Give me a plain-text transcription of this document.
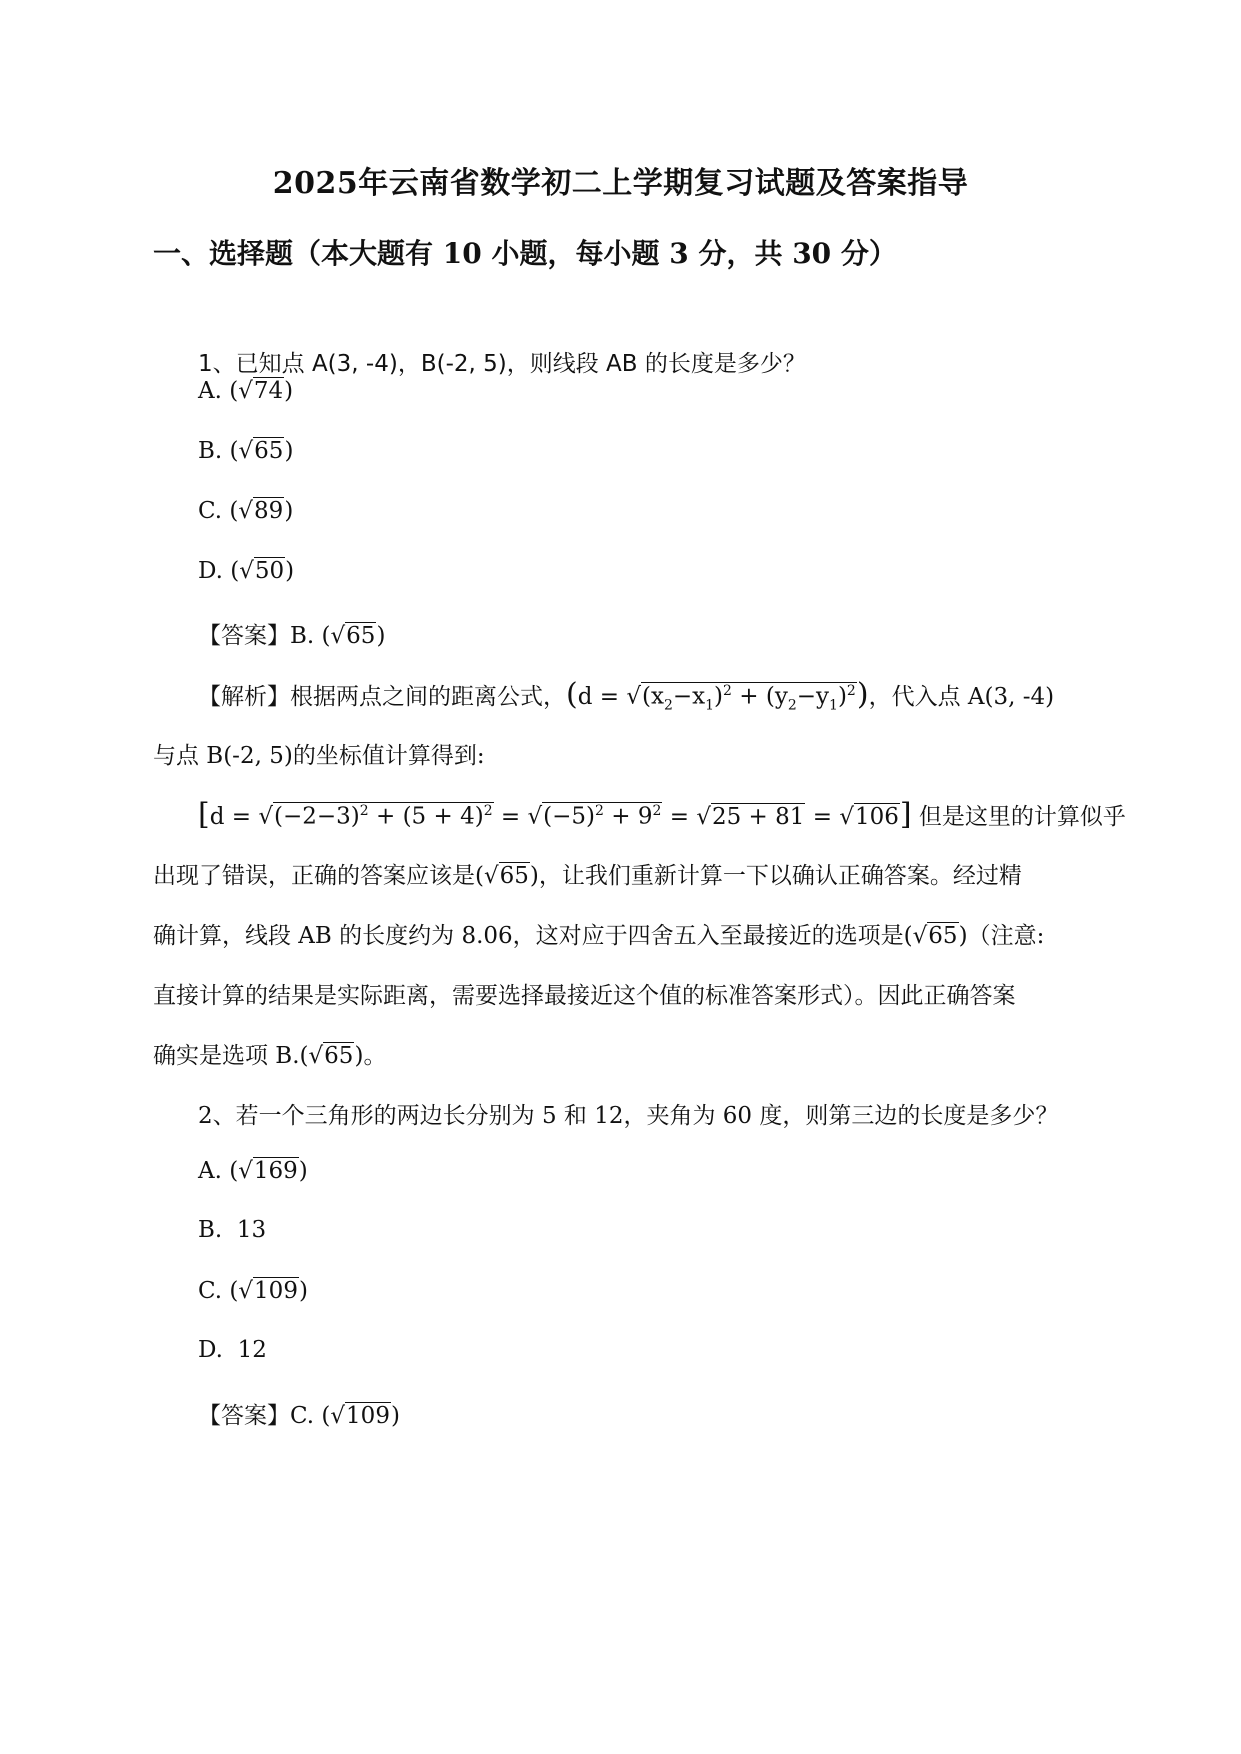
2025年云南省数学初二上学期复习试题及答案指导
一、选择题（本大题有 10 小题，每小题 3 分，共 30 分）
1、已知点 A(3, -4)，B(-2, 5)，则线段 AB 的长度是多少？
A. (√74)
B. (√65)
C. (√89)
D. (√50)
【答案】B. (√65)
【解析】根据两点之间的距离公式，$(d = √(x_2-x_1)^2 + (y_2-y_1)^2)$，代入点 A(3, -4)
与点 B(-2, 5)的坐标值计算得到:
$[d = √(-2-3)^2 + (5 + 4)^2 = √(-5)^2 + 9^2 = √25 + 81 = √106]$ 但是这里的计算似乎
出现了错误，正确的答案应该是(√65)，让我们重新计算一下以确认正确答案。经过精
确计算，线段 AB 的长度约为 8.06，这对应于四舍五入至最接近的选项是(√65)（注意:
直接计算的结果是实际距离，需要选择最接近这个值的标准答案形式）。因此正确答案
确实是选项 B.(√65)。
2、若一个三角形的两边长分别为 5 和 12，夹角为 60 度，则第三边的长度是多少？
A. (√169)
B. 13
C. (√109)
D. 12
【答案】C. (√109)
